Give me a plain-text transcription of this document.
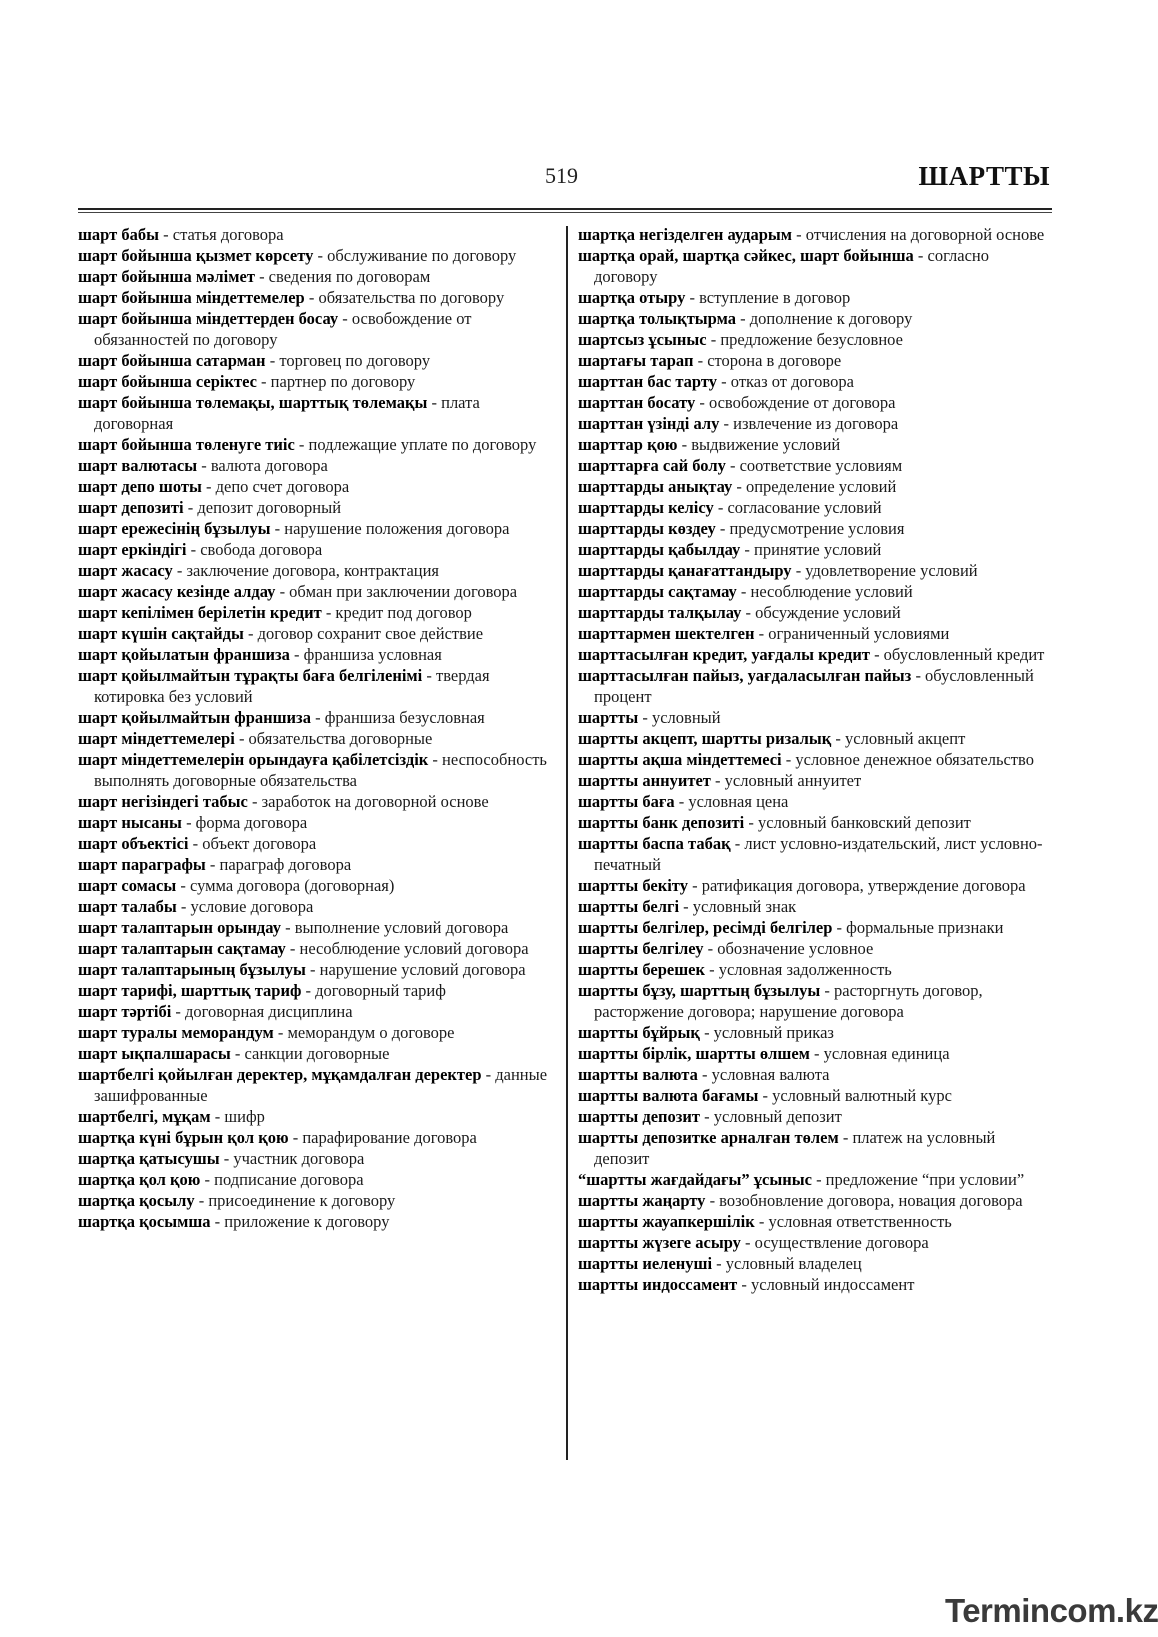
519	ШАРТТЫ

шарт бабы - статья договора

шарт бойынша қызмет көрсету - обслуживание по договору

шарт бойынша мәлімет - сведения по договорам

шарт бойынша міндеттемелер - обязательства по договору

шарт бойынша міндеттерден босау - освобождение от обязанностей по договору

шарт бойынша сатарман - торговец по договору

шарт бойынша серіктес - партнер по договору

шарт бойынша төлемақы, шарттық төлемақы - плата договорная

шарт бойынша төленуге тиіс - подлежащие уплате по договору

шарт валютасы - валюта договора

шарт депо шоты - депо счет договора

шарт депозиті - депозит договорный

шарт ережесінің бұзылуы - нарушение положения договора

шарт еркіндігі - свобода договора

шарт жасасу - заключение договора, контрактация

шарт жасасу кезінде алдау - обман при заключении договора

шарт кепілімен берілетін кредит - кредит под договор

шарт күшін сақтайды - договор сохранит свое действие

шарт қойылатын франшиза - франшиза условная

шарт қойылмайтын тұрақты баға белгіленімі - твердая котировка без условий

шарт қойылмайтын франшиза - франшиза безусловная

шарт міндеттемелері - обязательства договорные

шарт міндеттемелерін орындауға қабілетсіздік - неспособность выполнять договорные обязательства

шарт негізіндегі табыс - заработок на договорной основе

шарт нысаны - форма договора

шарт объектісі - объект договора

шарт параграфы - параграф договора

шарт сомасы - сумма договора (договорная)

шарт талабы - условие договора

шарт талаптарын орындау - выполнение условий договора

шарт талаптарын сақтамау - несоблюдение условий договора

шарт талаптарының бұзылуы - нарушение условий договора

шарт тарифі, шарттық тариф - договорный тариф

шарт тәртібі - договорная дисциплина

шарт туралы меморандум - меморандум о договоре

шарт ықпалшарасы - санкции договорные

шартбелгі қойылған деректер, мұқамдалған деректер - данные зашифрованные

шартбелгі, мұқам - шифр

шартқа күні бұрын қол қою - парафирование договора

шартқа қатысушы - участник договора

шартқа қол қою - подписание договора

шартқа қосылу - присоединение к договору

шартқа қосымша - приложение к договору

шартқа негізделген аударым - отчисления на договорной основе

шартқа орай, шартқа сәйкес, шарт бойынша - согласно договору

шартқа отыру - вступление в договор

шартқа толықтырма - дополнение к договору

шартсыз ұсыныс - предложение безусловное

шартағы тарап - сторона в договоре

шарттан бас тарту - отказ от договора

шарттан босату - освобождение от договора

шарттан үзінді алу - извлечение из договора

шарттар қою - выдвижение условий

шарттарға сай болу - соответствие условиям

шарттарды анықтау - определение условий

шарттарды келісу - согласование условий

шарттарды көздеу - предусмотрение условия

шарттарды қабылдау - принятие условий

шарттарды қанағаттандыру - удовлетворение условий

шарттарды сақтамау - несоблюдение условий

шарттарды талқылау - обсуждение условий

шарттармен шектелген - ограниченный условиями

шарттасылған кредит, уағдалы кредит - обусловленный кредит

шарттасылған пайыз, уағдаласылған пайыз - обусловленный процент

шартты - условный

шартты акцепт, шартты ризалық - условный акцепт

шартты ақша міндеттемесі - условное денежное обязательство

шартты аннуитет - условный аннуитет

шартты баға - условная цена

шартты банк депозиті - условный банковский депозит

шартты баспа табақ - лист условно-издательский, лист условно-печатный

шартты бекіту - ратификация договора, утверждение договора

шартты белгі - условный знак

шартты белгілер, ресімді белгілер - формальные признаки

шартты белгілеу - обозначение условное

шартты берешек - условная задолженность

шартты бұзу, шарттың бұзылуы - расторгнуть договор, расторжение договора; нарушение договора

шартты бұйрық - условный приказ

шартты бірлік, шартты өлшем - условная единица

шартты валюта - условная валюта

шартты валюта бағамы - условный валютный курс

шартты депозит - условный депозит

шартты депозитке арналған төлем - платеж на условный депозит

“шартты жағдайдағы” ұсыныс - предложение “при условии”

шартты жаңарту - возобновление договора, новация договора

шартты жауапкершілік - условная ответственность

шартты жүзеге асыру - осуществление договора

шартты иеленуші - условный владелец

шартты индоссамент - условный индоссамент

Termincom.kz
